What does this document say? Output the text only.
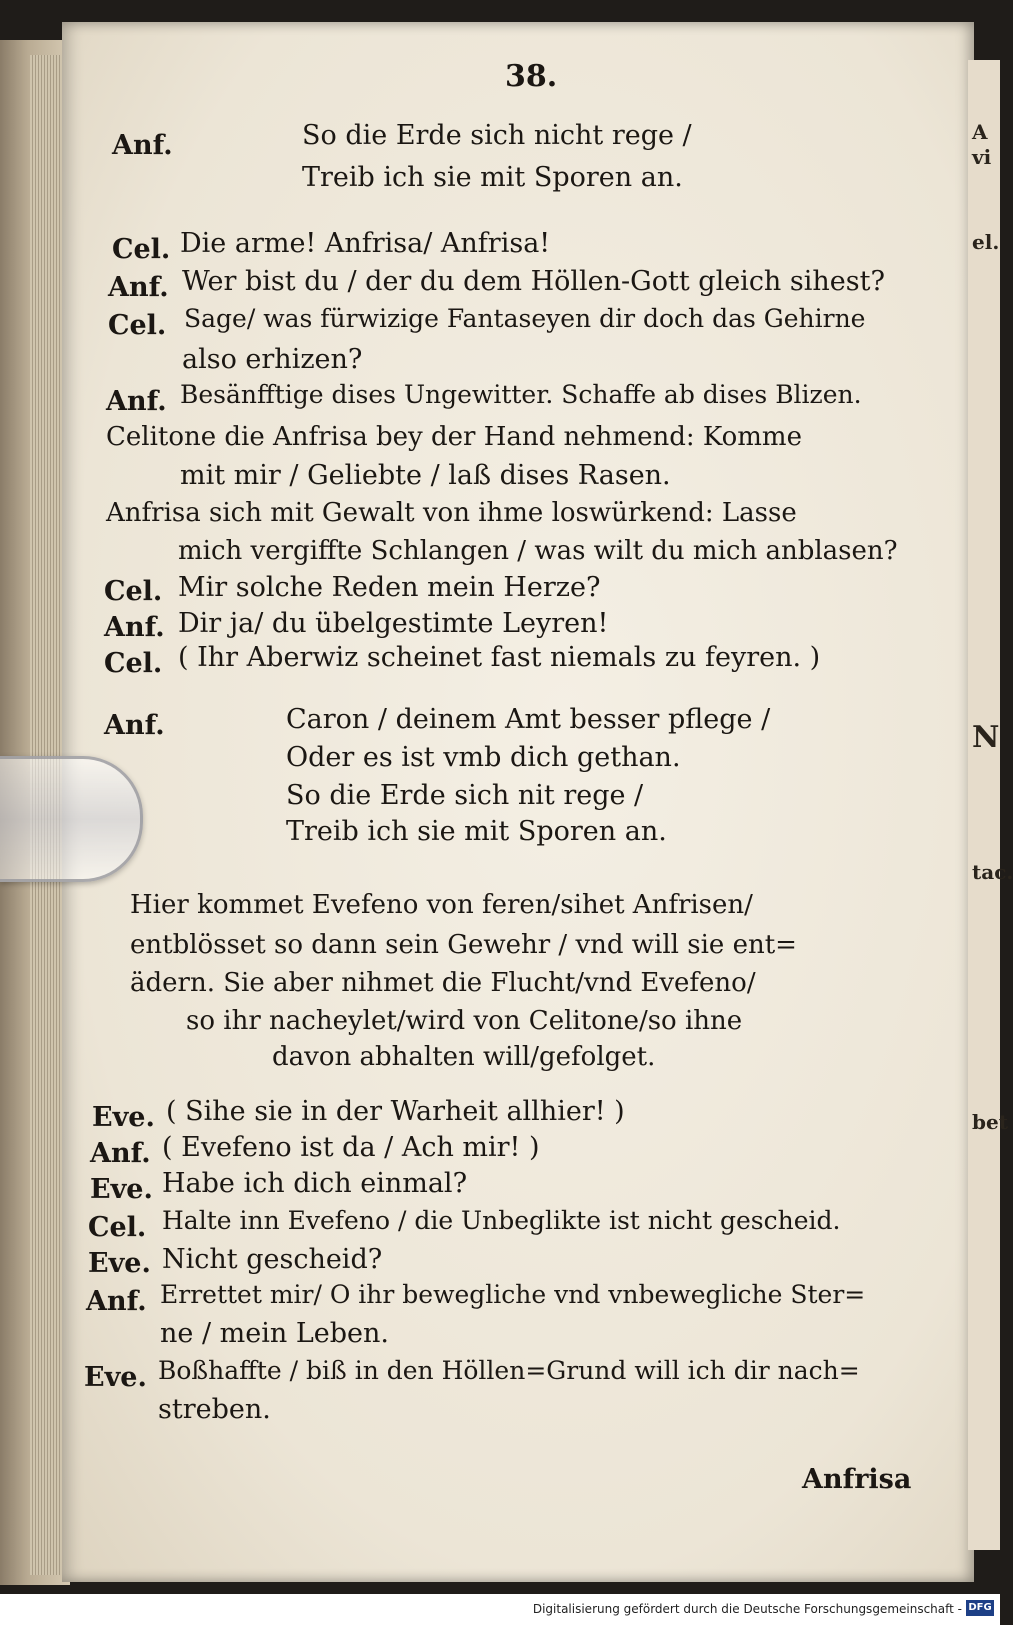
A
vi
el.
N
tac.
bet
38.
Anf.	So die Erde sich nicht rege /
Treib ich sie mit Sporen an.
Cel. Die arme! Anfrisa/ Anfrisa!
Anf. Wer bist du / der du dem Höllen-Gott gleich sihest?
Cel. Sage/ was fürwizige Fantaseyen dir doch das Gehirne
also erhizen?
Anf. Besänfftige dises Ungewitter. Schaffe ab dises Blizen.
Celitone die Anfrisa bey der Hand nehmend: Komme
mit mir / Geliebte / laß dises Rasen.
Anfrisa sich mit Gewalt von ihme loswürkend: Lasse
mich vergiffte Schlangen / was wilt du mich anblasen?
Cel. Mir solche Reden mein Herze?
Anf. Dir ja/ du übelgestimte Leyren!
Cel. ( Ihr Aberwiz scheinet fast niemals zu feyren. )
Anf.	Caron / deinem Amt besser pflege /
Oder es ist vmb dich gethan.
So die Erde sich nit rege /
Treib ich sie mit Sporen an.
Hier kommet Evefeno von feren/sihet Anfrisen/
entblösset so dann sein Gewehr / vnd will sie ent=
ädern. Sie aber nihmet die Flucht/vnd Evefeno/
so ihr nacheylet/wird von Celitone/so ihne
davon abhalten will/gefolget.
Eve. ( Sihe sie in der Warheit allhier! )
Anf. ( Evefeno ist da / Ach mir! )
Eve. Habe ich dich einmal?
Cel. Halte inn Evefeno / die Unbeglikte ist nicht gescheid.
Eve. Nicht gescheid?
Anf. Errettet mir/ O ihr bewegliche vnd vnbewegliche Ster=
ne / mein Leben.
Eve. Boßhaffte / biß in den Höllen=Grund will ich dir nach=
streben.
Anfrisa
Digitalisierung gefördert durch die Deutsche Forschungsgemeinschaft - DFG
